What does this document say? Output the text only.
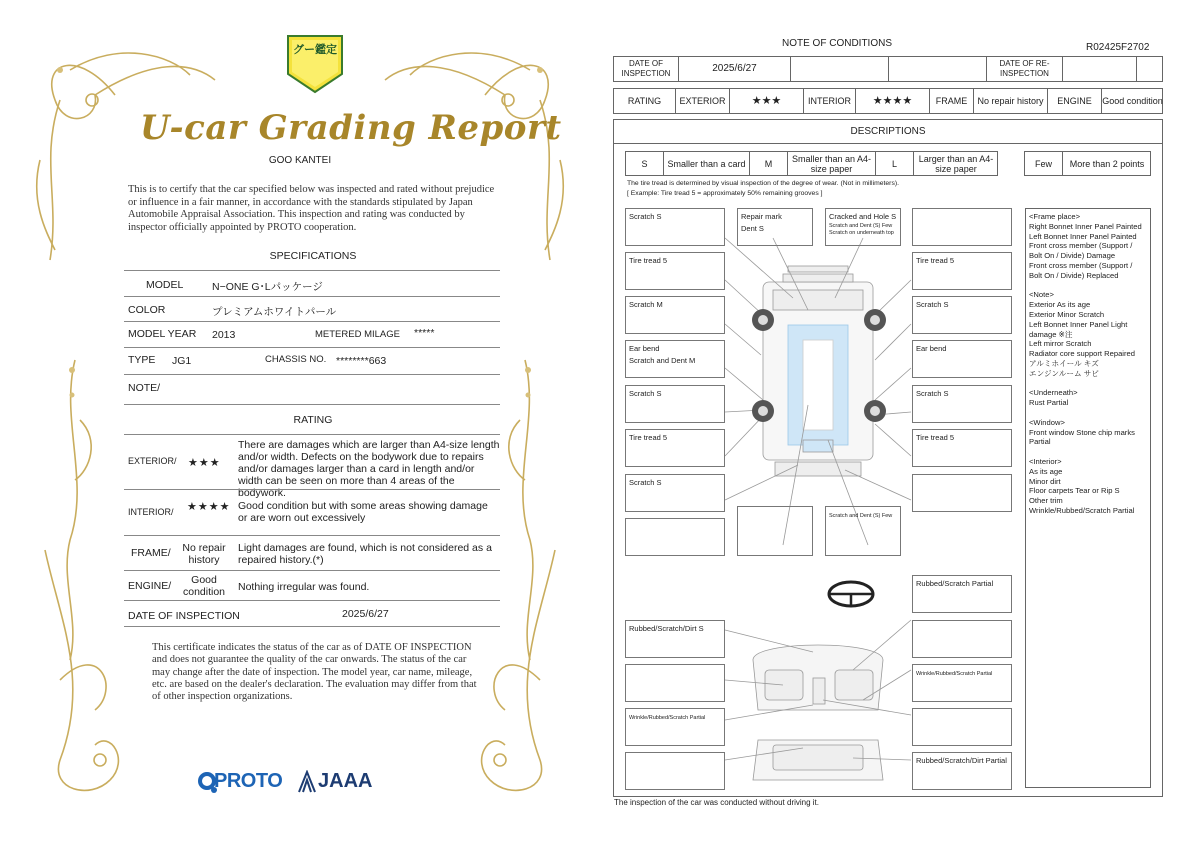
グー鑑定
U-car Grading Report
GOO KANTEI
This is to certify that the car specified below was inspected and rated without prejudice or influence in a fair manner, in accordance with the standards stipulated by Japan Automobile Appraisal Association. This inspection and rating was conducted by inspector officially appointed by PROTO cooperation.
SPECIFICATIONS
MODEL	N−ONE G･Lパッケージ
COLOR	プレミアムホワイトパール
MODEL YEAR 2013	METERED MILAGE *****
TYPE JG1	CHASSIS NO. ********663
NOTE/
RATING
EXTERIOR/ ★★★
There are damages which are larger than A4-size length and/or width. Defects on the bodywork due to repairs and/or damages larger than a card in length and/or width can be seen on more than 4 areas of the bodywork.
INTERIOR/ ★★★★ Good condition but with some areas showing damage or are worn out excessively
FRAME/	No repair history
Light damages are found, which is not considered as a repaired history.(*)
ENGINE/	Good condition	Nothing irregular was found.
DATE OF INSPECTION	2025/6/27
This certificate indicates the status of the car as of DATE OF INSPECTION and does not guarantee the quality of the car onwards. The status of the car may change after the date of inspection. The model year, car name, mileage, etc. are based on the dealer's declaration. The evaluation may differ from that of other inspection organizations.
PROTO JAAA
NOTE OF CONDITIONS	R02425F2702
DATE OF INSPECTION	2025/6/27	DATE OF RE-INSPECTION
RATING	EXTERIOR	★★★	INTERIOR	★★★★	FRAME	No repair history	ENGINE	Good condition
DESCRIPTIONS
S	Smaller than a card	M	Smaller than an A4-size paper	L	Larger than an A4-size paper	Few	More than 2 points
The tire tread is determined by visual inspection of the degree of wear. (Not in millimeters).
[ Example: Tire tread 5 = approximately 50% remaining grooves ]
Scratch S	Repair mark
Dent S
Cracked and Hole S
Scratch and Dent (S) Few
Scratch on underneath top
Tire tread 5	Tire tread 5
Scratch M	Scratch S
Ear bend
Scratch and Dent M
Ear bend
Scratch S	Scratch S
Tire tread 5	Tire tread 5
Scratch S
Scratch and Dent (S) Few
Rubbed/Scratch Partial
Rubbed/Scratch/Dirt S
Wrinkle/Rubbed/Scratch Partial
Wrinkle/Rubbed/Scratch Partial
Rubbed/Scratch/Dirt Partial

<Frame place>
Right Bonnet Inner Panel Painted
Left Bonnet Inner Panel Painted
Front cross member (Support / Bolt On / Divide) Damage
Front cross member (Support / Bolt On / Divide) Replaced

<Note>
Exterior As its age
Exterior Minor Scratch
Left Bonnet Inner Panel Light damage ※注
Left mirror Scratch
Radiator core support Repaired
アルミホイール キズ
エンジンルーム サビ

<Underneath>
Rust Partial

<Window>
Front window Stone chip marks Partial

<Interior>
As its age
Minor dirt
Floor carpets Tear or Rip S
Other trim
Wrinkle/Rubbed/Scratch Partial

The inspection of the car was conducted without driving it.
